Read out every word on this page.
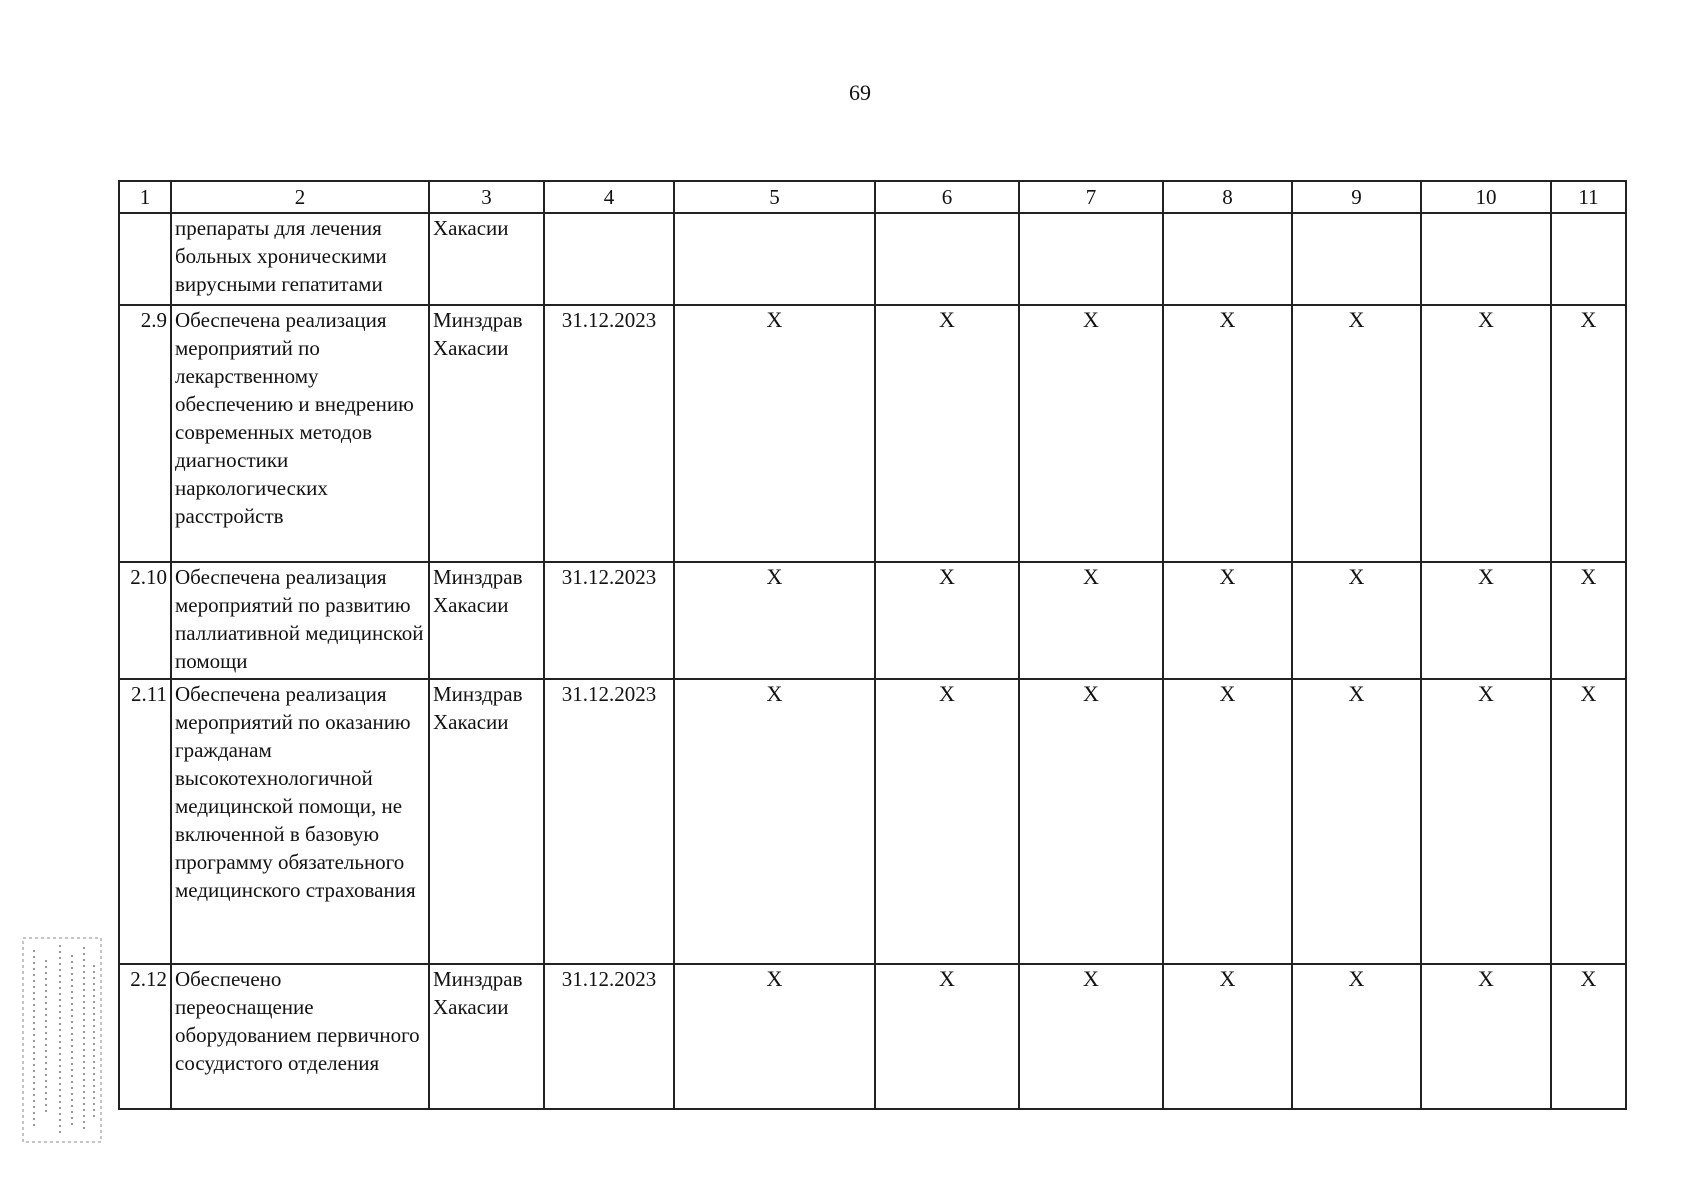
69
1	2	3	4	5	6	7	8	9	10	11
	препараты для лечения больных хроническими вирусными гепатитами	Хакасии								
2.9	Обеспечена реализация мероприятий по лекарственному обеспечению и внедрению современных методов диагностики наркологических расстройств	Минздрав Хакасии	31.12.2023	X	X	X	X	X	X	X
2.10	Обеспечена реализация мероприятий по развитию паллиативной медицинской помощи	Минздрав Хакасии	31.12.2023	X	X	X	X	X	X	X
2.11	Обеспечена реализация мероприятий по оказанию гражданам высокотехнологичной медицинской помощи, не включенной в базовую программу обязательного медицинского страхования	Минздрав Хакасии	31.12.2023	X	X	X	X	X	X	X
2.12	Обеспечено переоснащение оборудованием первичного сосудистого отделения	Минздрав Хакасии	31.12.2023	X	X	X	X	X	X	X
